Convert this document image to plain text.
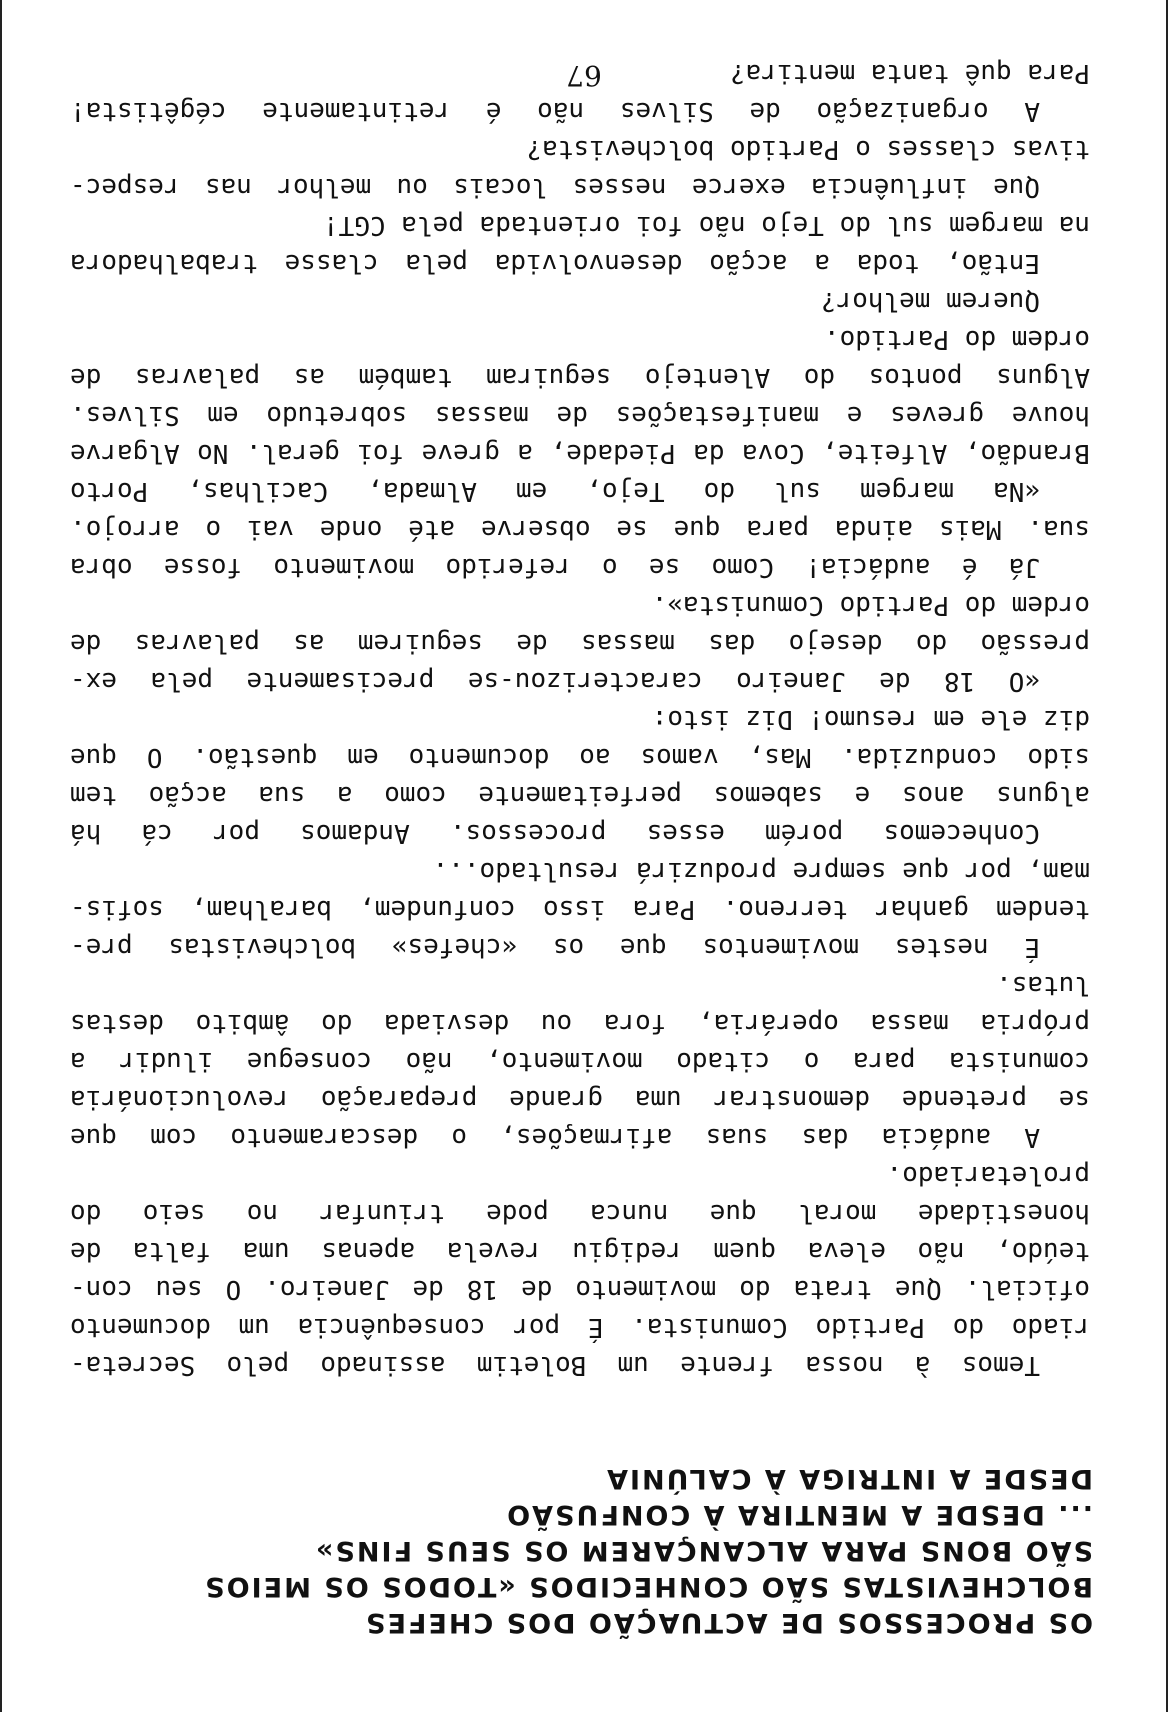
OS PROCESSOS DE ACTUAÇÃO DOS CHEFES
BOLCHEVISTAS SÃO CONHECIDOS «TODOS OS MEIOS
SÃO BONS PARA ALCANÇAREM OS SEUS FINS»
... DESDE A MENTIRA À CONFUSÃO
DESDE A INTRIGA À CALÚNIA
Temos à nossa frente um Boletim assinado pelo Secreta-
riado do Partido Comunista. É por consequência um documento
oficial. Que trata do movimento de 18 de Janeiro. O seu con-
teúdo, não eleva quem redigiu revela apenas uma falta de
honestidade moral que nunca pode triunfar no seio do
proletariado.
A audácia das suas afirmações, o descaramento com que
se pretende demonstrar uma grande preparação revolucionária
comunista para o citado movimento, não consegue iludir a
própria massa operária, fora ou desviada do âmbito destas
lutas.
É nestes movimentos que os «chefes» bolchevistas pre-
tendem ganhar terreno. Para isso confundem, baralham, sofis-
mam, por que sempre produzirá resultado...
Conhecemos porém esses processos. Andamos por cá há
alguns anos e sabemos perfeitamente como a sua acção tem
sido conduzida. Mas, vamos ao documento em questão. O que
diz ele em resumo! Diz isto:
«O 18 de Janeiro caracterizou-se precisamente pela ex-
pressão do desejo das massas de seguirem as palavras de
ordem do Partido Comunista».
Já é audácia! Como se o referido movimento fosse obra
sua. Mais ainda para que se observe até onde vai o arrojo.
«Na margem sul do Tejo, em Almada, Cacilhas, Porto
Brandão, Alfeite, Cova da Piedade, a greve foi geral. No Algarve
houve greves e manifestações de massas sobretudo em Silves.
Alguns pontos do Alentejo seguiram também as palavras de
ordem do Partido.
Querem melhor?
Então, toda a acção desenvolvida pela classe trabalhadora
na margem sul do Tejo não foi orientada pela CGT!
Que influência exerce nesses locais ou melhor nas respec-
tivas classes o Partido bolchevista?
A organização de Silves não é retintamente cégêtista!
Para quê tanta mentira?
67
